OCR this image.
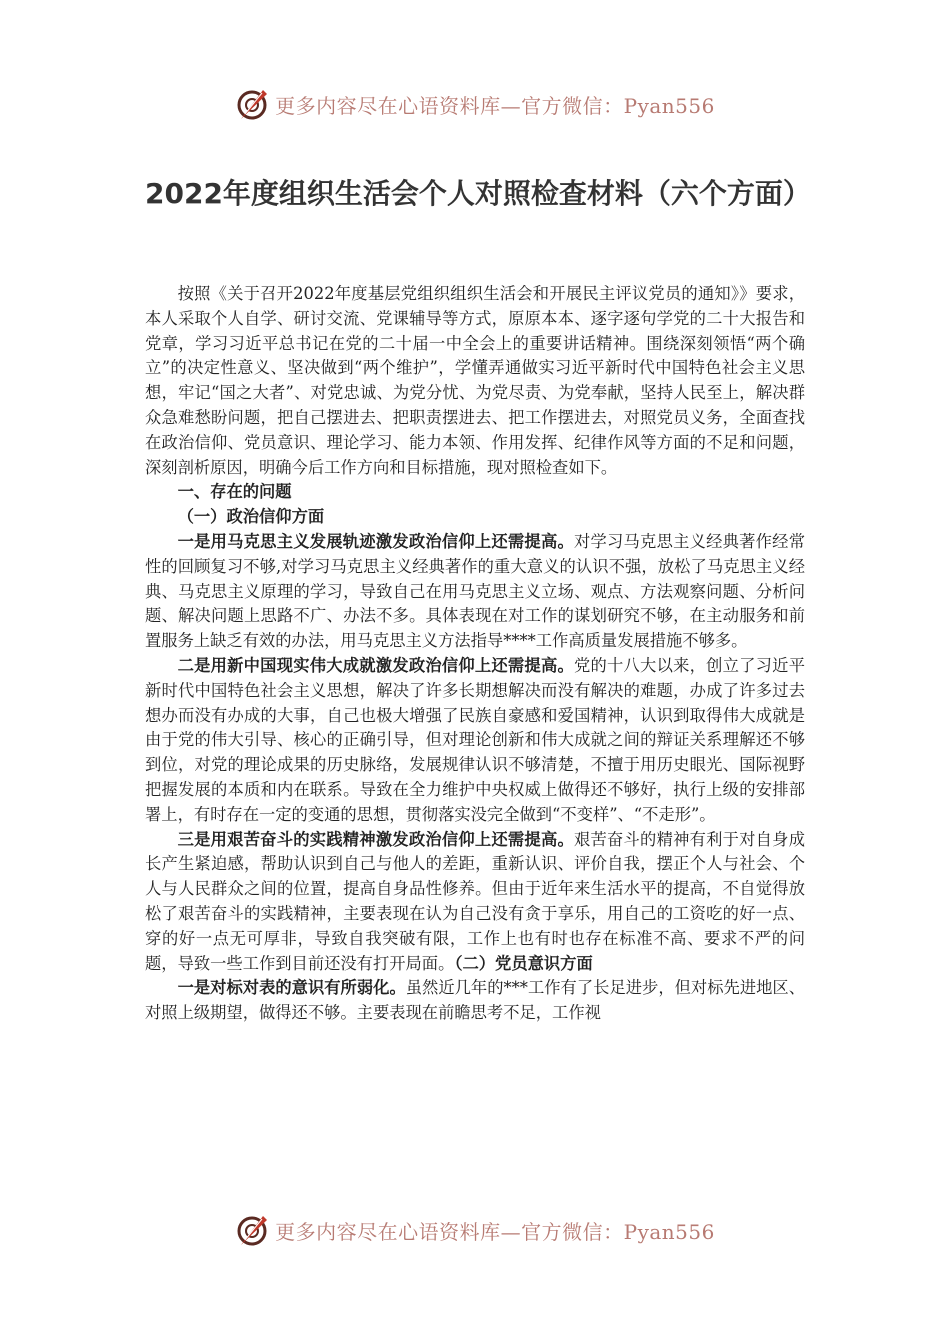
更多内容尽在心语资料库—官方微信：Pyan556
2022年度组织生活会个人对照检查材料（六个方面）

按照《关于召开2022年度基层党组织组织生活会和开展民主评议党员的通知》》要求，本人采取个人自学、研讨交流、党课辅导等方式，原原本本、逐字逐句学党的二十大报告和党章，学习习近平总书记在党的二十届一中全会上的重要讲话精神。围绕深刻领悟“两个确立”的决定性意义、坚决做到“两个维护”，学懂弄通做实习近平新时代中国特色社会主义思想，牢记“国之大者”、对党忠诚、为党分忧、为党尽责、为党奉献，坚持人民至上，解决群众急难愁盼问题，把自己摆进去、把职责摆进去、把工作摆进去，对照党员义务，全面查找在政治信仰、党员意识、理论学习、能力本领、作用发挥、纪律作风等方面的不足和问题，深刻剖析原因，明确今后工作方向和目标措施，现对照检查如下。

一、存在的问题

（一）政治信仰方面

一是用马克思主义发展轨迹激发政治信仰上还需提高。对学习马克思主义经典著作经常性的回顾复习不够,对学习马克思主义经典著作的重大意义的认识不强，放松了马克思主义经典、马克思主义原理的学习，导致自己在用马克思主义立场、观点、方法观察问题、分析问题、解决问题上思路不广、办法不多。具体表现在对工作的谋划研究不够，在主动服务和前置服务上缺乏有效的办法，用马克思主义方法指导****工作高质量发展措施不够多。

二是用新中国现实伟大成就激发政治信仰上还需提高。党的十八大以来，创立了习近平新时代中国特色社会主义思想，解决了许多长期想解决而没有解决的难题，办成了许多过去想办而没有办成的大事，自己也极大增强了民族自豪感和爱国精神，认识到取得伟大成就是由于党的伟大引导、核心的正确引导，但对理论创新和伟大成就之间的辩证关系理解还不够到位，对党的理论成果的历史脉络，发展规律认识不够清楚，不擅于用历史眼光、国际视野把握发展的本质和内在联系。导致在全力维护中央权威上做得还不够好，执行上级的安排部署上，有时存在一定的变通的思想，贯彻落实没完全做到“不变样”、“不走形”。

三是用艰苦奋斗的实践精神激发政治信仰上还需提高。艰苦奋斗的精神有利于对自身成长产生紧迫感，帮助认识到自己与他人的差距，重新认识、评价自我，摆正个人与社会、个人与人民群众之间的位置，提高自身品性修养。但由于近年来生活水平的提高，不自觉得放松了艰苦奋斗的实践精神，主要表现在认为自己没有贪于享乐，用自己的工资吃的好一点、穿的好一点无可厚非，导致自我突破有限，工作上也有时也存在标准不高、要求不严的问题，导致一些工作到目前还没有打开局面。（二）党员意识方面

一是对标对表的意识有所弱化。虽然近几年的***工作有了长足进步，但对标先进地区、对照上级期望，做得还不够。主要表现在前瞻思考不足，工作视

更多内容尽在心语资料库—官方微信：Pyan556
